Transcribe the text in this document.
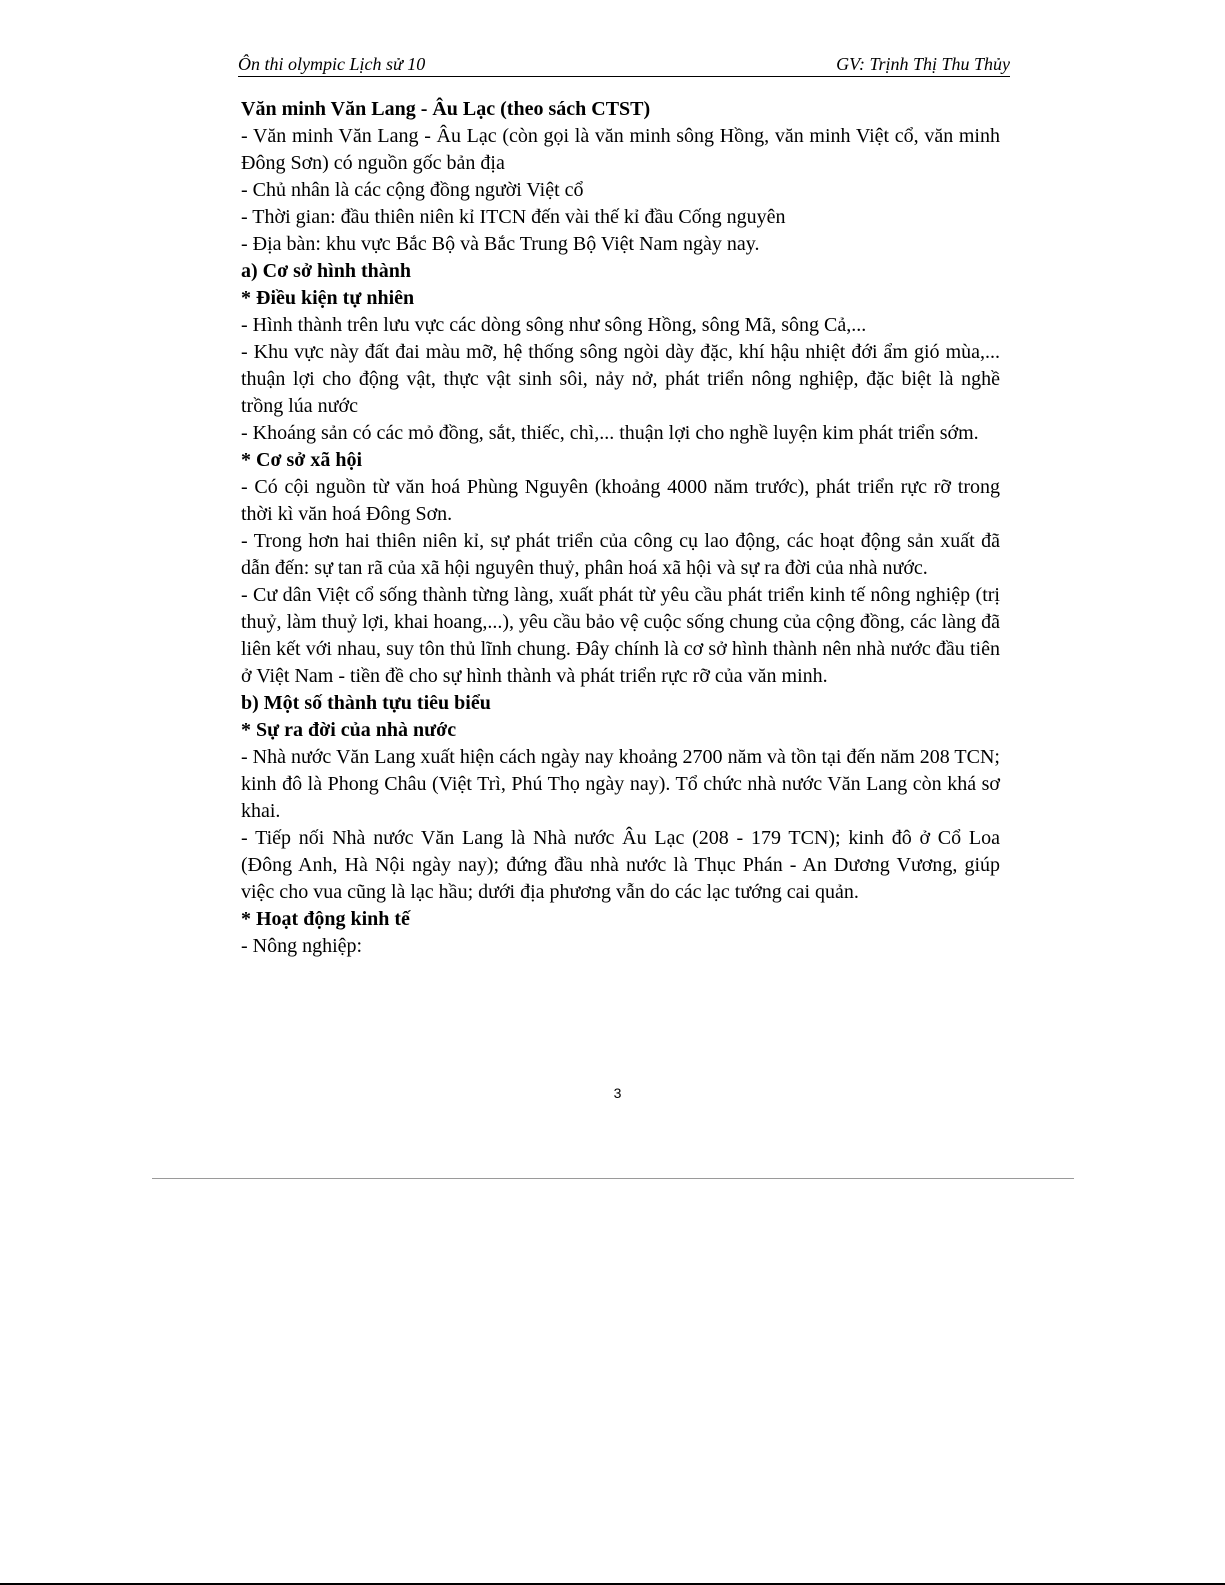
Ôn thi olympic Lịch sử 10	GV: Trịnh Thị Thu Thủy

Văn minh Văn Lang - Âu Lạc (theo sách CTST)

- Văn minh Văn Lang - Âu Lạc (còn gọi là văn minh sông Hồng, văn minh Việt cổ, văn minh Đông Sơn) có nguồn gốc bản địa

- Chủ nhân là các cộng đồng người Việt cổ

- Thời gian: đầu thiên niên kỉ ITCN đến vài thế kỉ đầu Cống nguyên

- Địa bàn: khu vực Bắc Bộ và Bắc Trung Bộ Việt Nam ngày nay.

a) Cơ sở hình thành

* Điều kiện tự nhiên

- Hình thành trên lưu vực các dòng sông như sông Hồng, sông Mã, sông Cả,...

- Khu vực này đất đai màu mỡ, hệ thống sông ngòi dày đặc, khí hậu nhiệt đới ẩm gió mùa,... thuận lợi cho động vật, thực vật sinh sôi, nảy nở, phát triển nông nghiệp, đặc biệt là nghề trồng lúa nước

- Khoáng sản có các mỏ đồng, sắt, thiếc, chì,... thuận lợi cho nghề luyện kim phát triển sớm.

* Cơ sở xã hội

- Có cội nguồn từ văn hoá Phùng Nguyên (khoảng 4000 năm trước), phát triển rực rỡ trong thời kì văn hoá Đông Sơn.

- Trong hơn hai thiên niên kỉ, sự phát triển của công cụ lao động, các hoạt động sản xuất đã dẫn đến: sự tan rã của xã hội nguyên thuỷ, phân hoá xã hội và sự ra đời của nhà nước.

- Cư dân Việt cổ sống thành từng làng, xuất phát từ yêu cầu phát triển kinh tế nông nghiệp (trị thuỷ, làm thuỷ lợi, khai hoang,...), yêu cầu bảo vệ cuộc sống chung của cộng đồng, các làng đã liên kết với nhau, suy tôn thủ lĩnh chung. Đây chính là cơ sở hình thành nên nhà nước đầu tiên ở Việt Nam - tiền đề cho sự hình thành và phát triển rực rỡ của văn minh.

b) Một số thành tựu tiêu biểu

* Sự ra đời của nhà nước

- Nhà nước Văn Lang xuất hiện cách ngày nay khoảng 2700 năm và tồn tại đến năm 208 TCN; kinh đô là Phong Châu (Việt Trì, Phú Thọ ngày nay). Tổ chức nhà nước Văn Lang còn khá sơ khai.

- Tiếp nối Nhà nước Văn Lang là Nhà nước Âu Lạc (208 - 179 TCN); kinh đô ở Cổ Loa (Đông Anh, Hà Nội ngày nay); đứng đầu nhà nước là Thục Phán - An Dương Vương, giúp việc cho vua cũng là lạc hầu; dưới địa phương vẫn do các lạc tướng cai quản.

* Hoạt động kinh tế

- Nông nghiệp:

3
